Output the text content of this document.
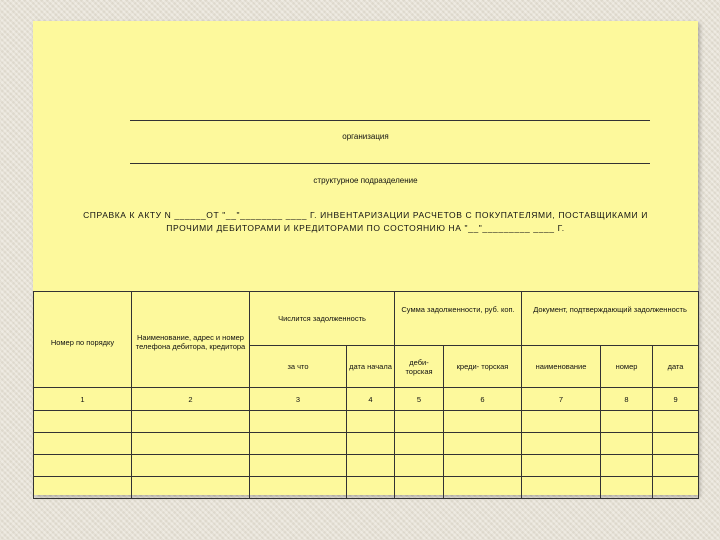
организация
структурное подразделение
СПРАВКА К АКТУ N ______ОТ "__"________ ____ Г. ИНВЕНТАРИЗАЦИИ РАСЧЕТОВ С ПОКУПАТЕЛЯМИ, ПОСТАВЩИКАМИ И
ПРОЧИМИ ДЕБИТОРАМИ И КРЕДИТОРАМИ ПО СОСТОЯНИЮ НА "__"_________ ____ Г.
Номер по порядку	Наименование, адрес и номер телефона дебитора, кредитора	Числится задолженность		Сумма задолженности, руб. коп.		Документ, подтверждающий задолженность		
		за что	дата начала	деби- торская	креди- торская	наименование	номер	дата
1	2	3	4	5	6	7	8	9
